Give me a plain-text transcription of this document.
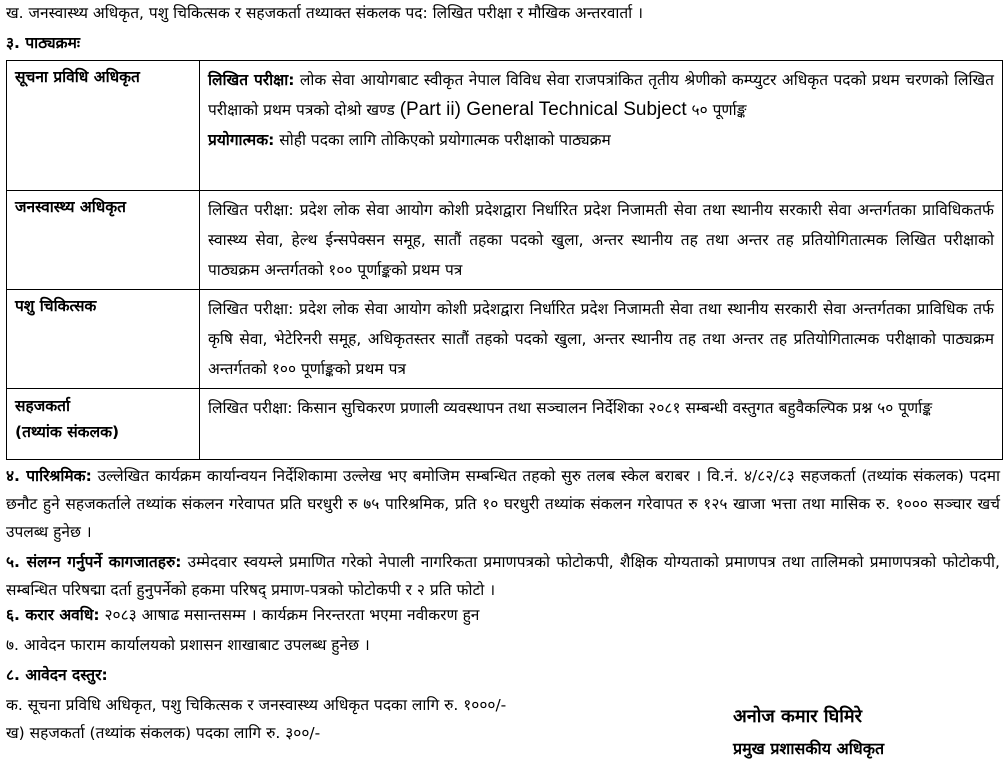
ख. जनस्वास्थ्य अधिकृत, पशु चिकित्सक र सहजकर्ता तथ्याक्त संकलक पद: लिखित परीक्षा र मौखिक अन्तरवार्ता ।
३. पाठ्यक्रमः
सूचना प्रविधि अधिकृत	लिखित परीक्षा: लोक सेवा आयोगबाट स्वीकृत नेपाल विविध सेवा राजपत्रांकित तृतीय श्रेणीको कम्प्युटर अधिकृत पदको प्रथम चरणको लिखित परीक्षाको प्रथम पत्रको दोश्रो खण्ड (Part ii) General Technical Subject ५० पूर्णाङ्क
प्रयोगात्मक: सोही पदका लागि तोकिएको प्रयोगात्मक परीक्षाको पाठ्यक्रम
जनस्वास्थ्य अधिकृत	लिखित परीक्षा: प्रदेश लोक सेवा आयोग कोशी प्रदेशद्वारा निर्धारित प्रदेश निजामती सेवा तथा स्थानीय सरकारी सेवा अन्तर्गतका प्राविधिकतर्फ स्वास्थ्य सेवा, हेल्थ ईन्सपेक्सन समूह, सातौं तहका पदको खुला, अन्तर स्थानीय तह तथा अन्तर तह प्रतियोगितात्मक लिखित परीक्षाको पाठ्यक्रम अन्तर्गतको १०० पूर्णाङ्कको प्रथम पत्र
पशु चिकित्सक	लिखित परीक्षा: प्रदेश लोक सेवा आयोग कोशी प्रदेशद्वारा निर्धारित प्रदेश निजामती सेवा तथा स्थानीय सरकारी सेवा अन्तर्गतका प्राविधिक तर्फ कृषि सेवा, भेटेरिनरी समूह, अधिकृतस्तर सातौं तहको पदको खुला, अन्तर स्थानीय तह तथा अन्तर तह प्रतियोगितात्मक परीक्षाको पाठ्यक्रम अन्तर्गतको १०० पूर्णाङ्कको प्रथम पत्र
सहजकर्ता
(तथ्यांक संकलक)	लिखित परीक्षा: किसान सुचिकरण प्रणाली व्यवस्थापन तथा सञ्चालन निर्देशिका २०८१ सम्बन्धी वस्तुगत बहुवैकल्पिक प्रश्न ५० पूर्णाङ्क
४. पारिश्रमिक: उल्लेखित कार्यक्रम कार्यान्वयन निर्देशिकामा उल्लेख भए बमोजिम सम्बन्धित तहको सुरु तलब स्केल बराबर । वि.नं. ४/८२/८३ सहजकर्ता (तथ्यांक संकलक) पदमा छनौट हुने सहजकर्ताले तथ्यांक संकलन गरेवापत प्रति घरधुरी रु ७५ पारिश्रमिक, प्रति १० घरधुरी तथ्यांक संकलन गरेवापत रु १२५ खाजा भत्ता तथा मासिक रु. १००० सञ्चार खर्च उपलब्ध हुनेछ ।
५. संलग्न गर्नुपर्ने कागजातहरु: उम्मेदवार स्वयम्ले प्रमाणित गरेको नेपाली नागरिकता प्रमाणपत्रको फोटोकपी, शैक्षिक योग्यताको प्रमाणपत्र तथा तालिमको प्रमाणपत्रको फोटोकपी, सम्बन्धित परिषद्मा दर्ता हुनुपर्नेको हकमा परिषद् प्रमाण-पत्रको फोटोकपी र २ प्रति फोटो ।
६. करार अवधि: २०८३ आषाढ मसान्तसम्म । कार्यक्रम निरन्तरता भएमा नवीकरण हुन
७. आवेदन फाराम कार्यालयको प्रशासन शाखाबाट उपलब्ध हुनेछ ।
८. आवेदन दस्तुर:
क. सूचना प्रविधि अधिकृत, पशु चिकित्सक र जनस्वास्थ्य अधिकृत पदका लागि रु. १०००/-
ख) सहजकर्ता (तथ्यांक संकलक) पदका लागि रु. ३००/-
अनोज कमार घिमिरे
प्रमुख प्रशासकीय अधिकृत
